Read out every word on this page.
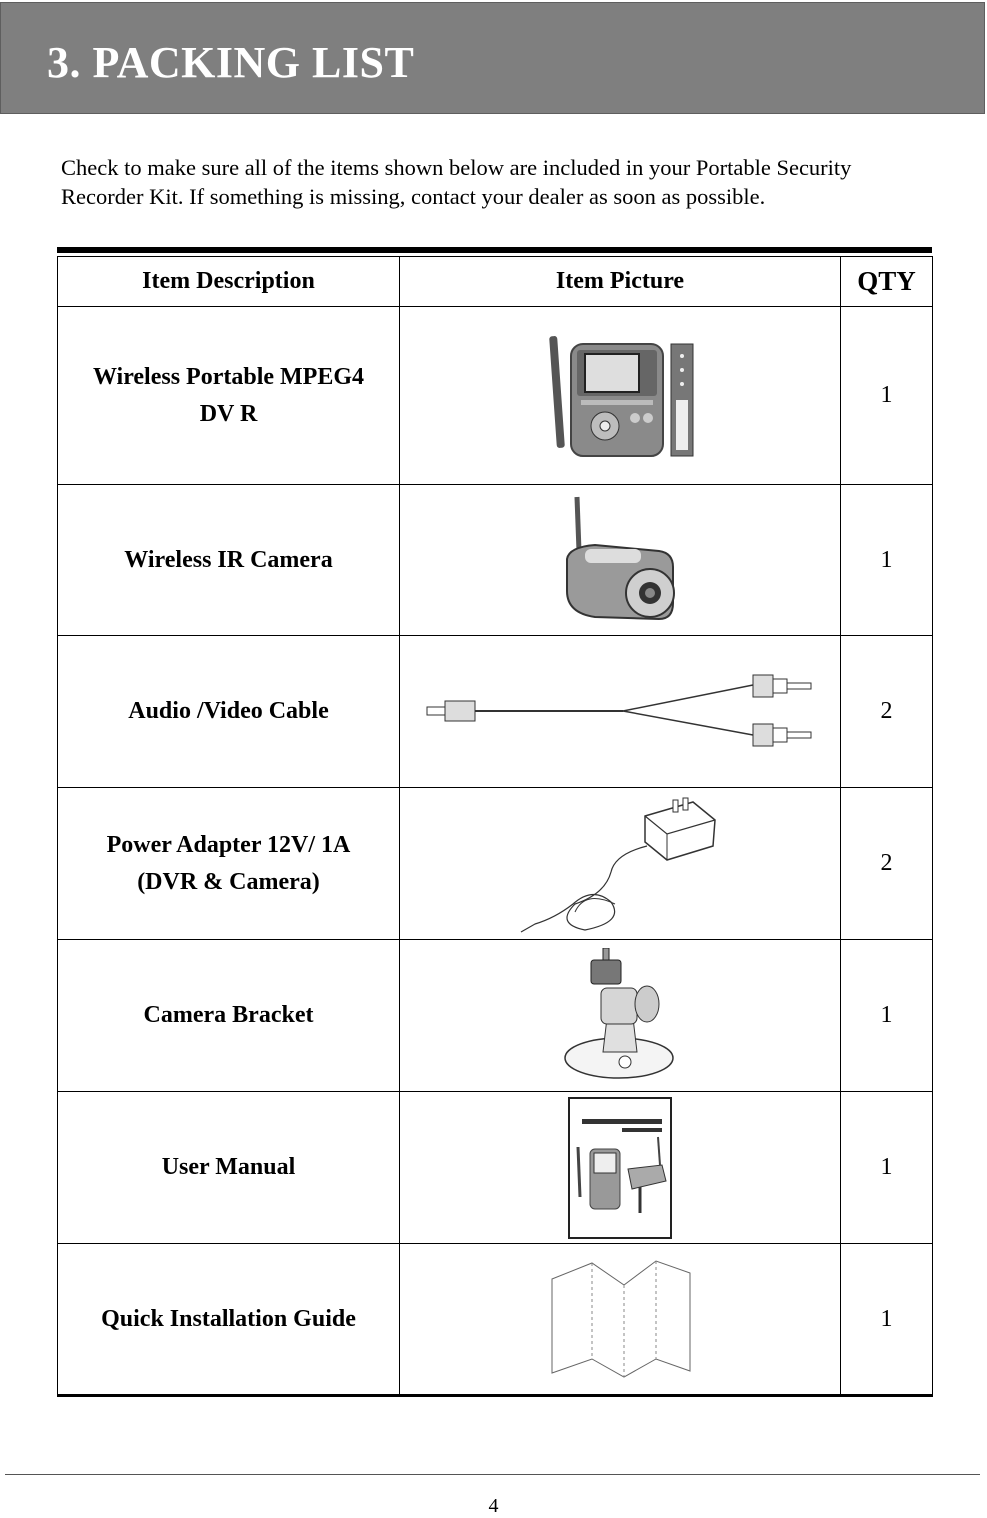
3. PACKING LIST
Check to make sure all of the items shown below are included in your Portable Security
Recorder Kit. If something is missing, contact your dealer as soon as possible.
Item Description	Item Picture	QTY

Wireless Portable MPEG4
DV R		1

Wireless IR Camera		1

Audio /Video Cable		2

Power Adapter 12V/ 1A
(DVR & Camera)		2

Camera Bracket		1

User Manual		1

Quick Installation Guide		1
4
